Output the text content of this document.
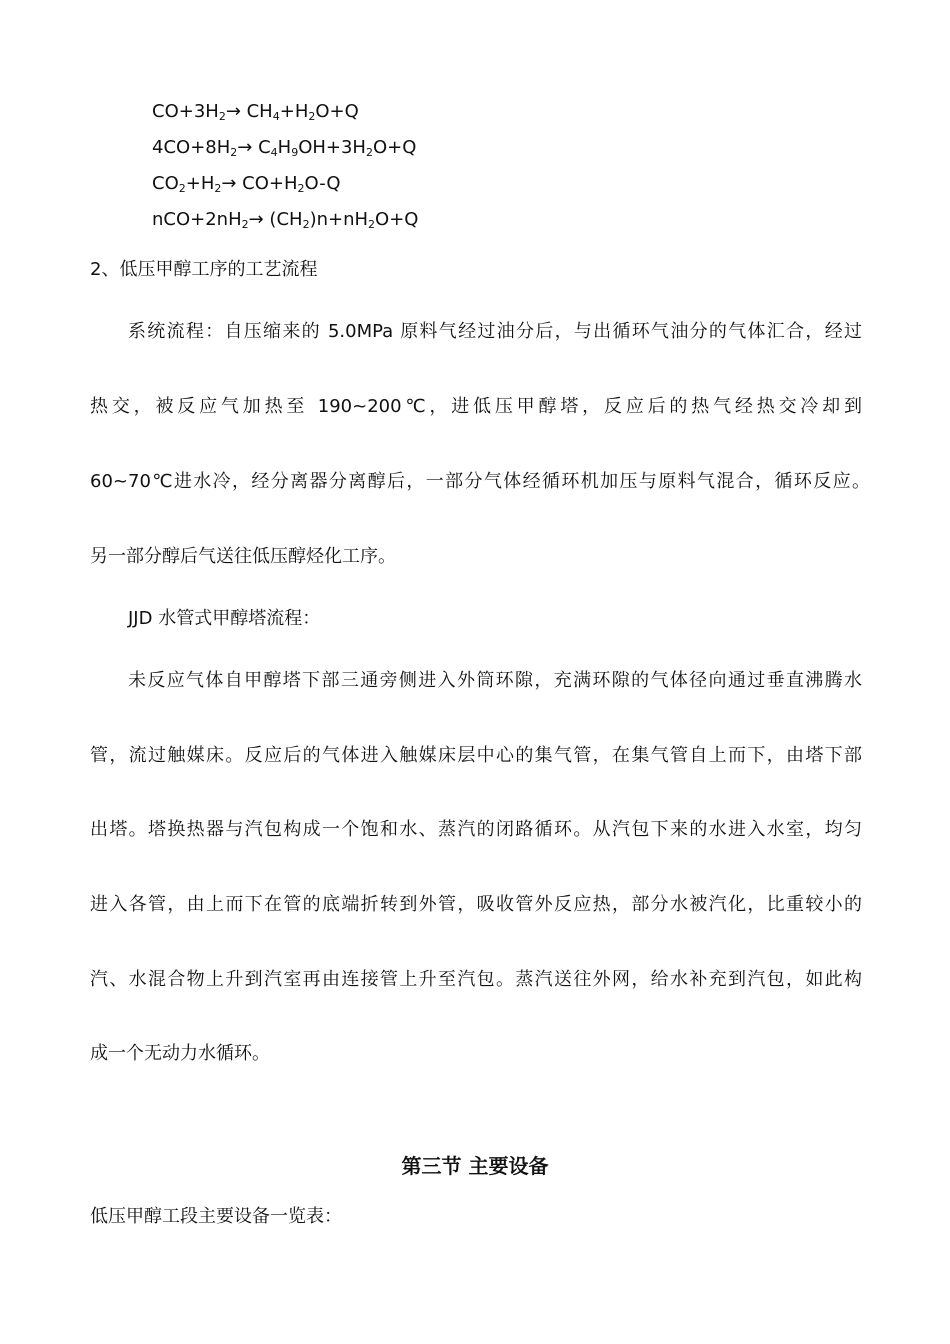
$CO+3H_2\to CH_4+H_2O+Q$
$4CO+8H_2\to C_4H_9OH+3H_2O+Q$
$CO_2+H_2\to CO+H_2O-Q$
$nCO+2nH_2\to (CH_2)n+nH_2O+Q$
2、低压甲醇工序的工艺流程
系统流程：自压缩来的 5.0MPa 原料气经过油分后，与出循环气油分的气体汇合，经过
热交，被反应气加热至 190~200℃，进低压甲醇塔，反应后的热气经热交冷却到
60~70℃进水冷，经分离器分离醇后，一部分气体经循环机加压与原料气混合，循环反应。
另一部分醇后气送往低压醇烃化工序。
JJD 水管式甲醇塔流程：
未反应气体自甲醇塔下部三通旁侧进入外筒环隙，充满环隙的气体径向通过垂直沸腾水
管，流过触媒床。反应后的气体进入触媒床层中心的集气管，在集气管自上而下，由塔下部
出塔。塔换热器与汽包构成一个饱和水、蒸汽的闭路循环。从汽包下来的水进入水室，均匀
进入各管，由上而下在管的底端折转到外管，吸收管外反应热，部分水被汽化，比重较小的
汽、水混合物上升到汽室再由连接管上升至汽包。蒸汽送往外网，给水补充到汽包，如此构
成一个无动力水循环。
第三节 主要设备
低压甲醇工段主要设备一览表：
